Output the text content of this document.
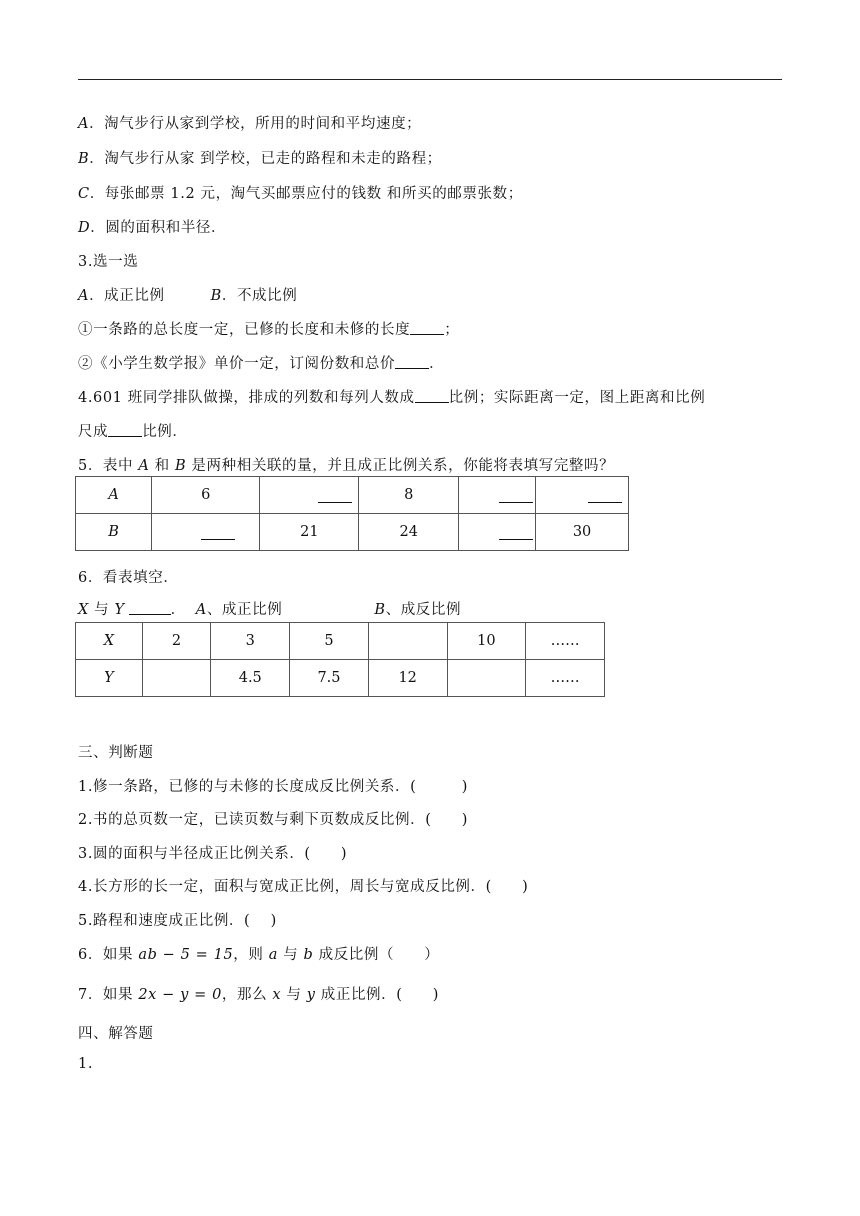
A．淘气步行从家到学校，所用的时间和平均速度；
B．淘气步行从家 到学校，已走的路程和未走的路程；
C．每张邮票 1.2 元，淘气买邮票应付的钱数 和所买的邮票张数；
D．圆的面积和半径．
3.选一选
A．成正比例	B．不成比例
①一条路的总长度一定，已修的长度和未修的长度 ；
②《小学生数学报》单价一定，订阅份数和总价 ．
4.601 班同学排队做操，排成的列数和每列人数成 比例；实际距离一定，图上距离和比例
尺成 比例．
5．表中 A 和 B 是两种相关联的量，并且成正比例关系，你能将表填写完整吗？
A	6		8		
B		21	24		30
6．看表填空．
X 与 Y	． A、成正比例	B、成反比例
X	2	3	5		10	……
Y		4.5	7.5	12		……
三、判断题
1.修一条路，已修的与未修的长度成反比例关系．(　　　)
2.书的总页数一定，已读页数与剩下页数成反比例．(　　)
3.圆的面积与半径成正比例关系．(　　)
4.长方形的长一定，面积与宽成正比例，周长与宽成反比例．(　　)
5.路程和速度成正比例．(　 )
6．如果 ab − 5 = 15，则 a 与 b 成反比例（　　）
7．如果 2x − y = 0，那么 x 与 y 成正比例．(　　)
四、解答题
1.
